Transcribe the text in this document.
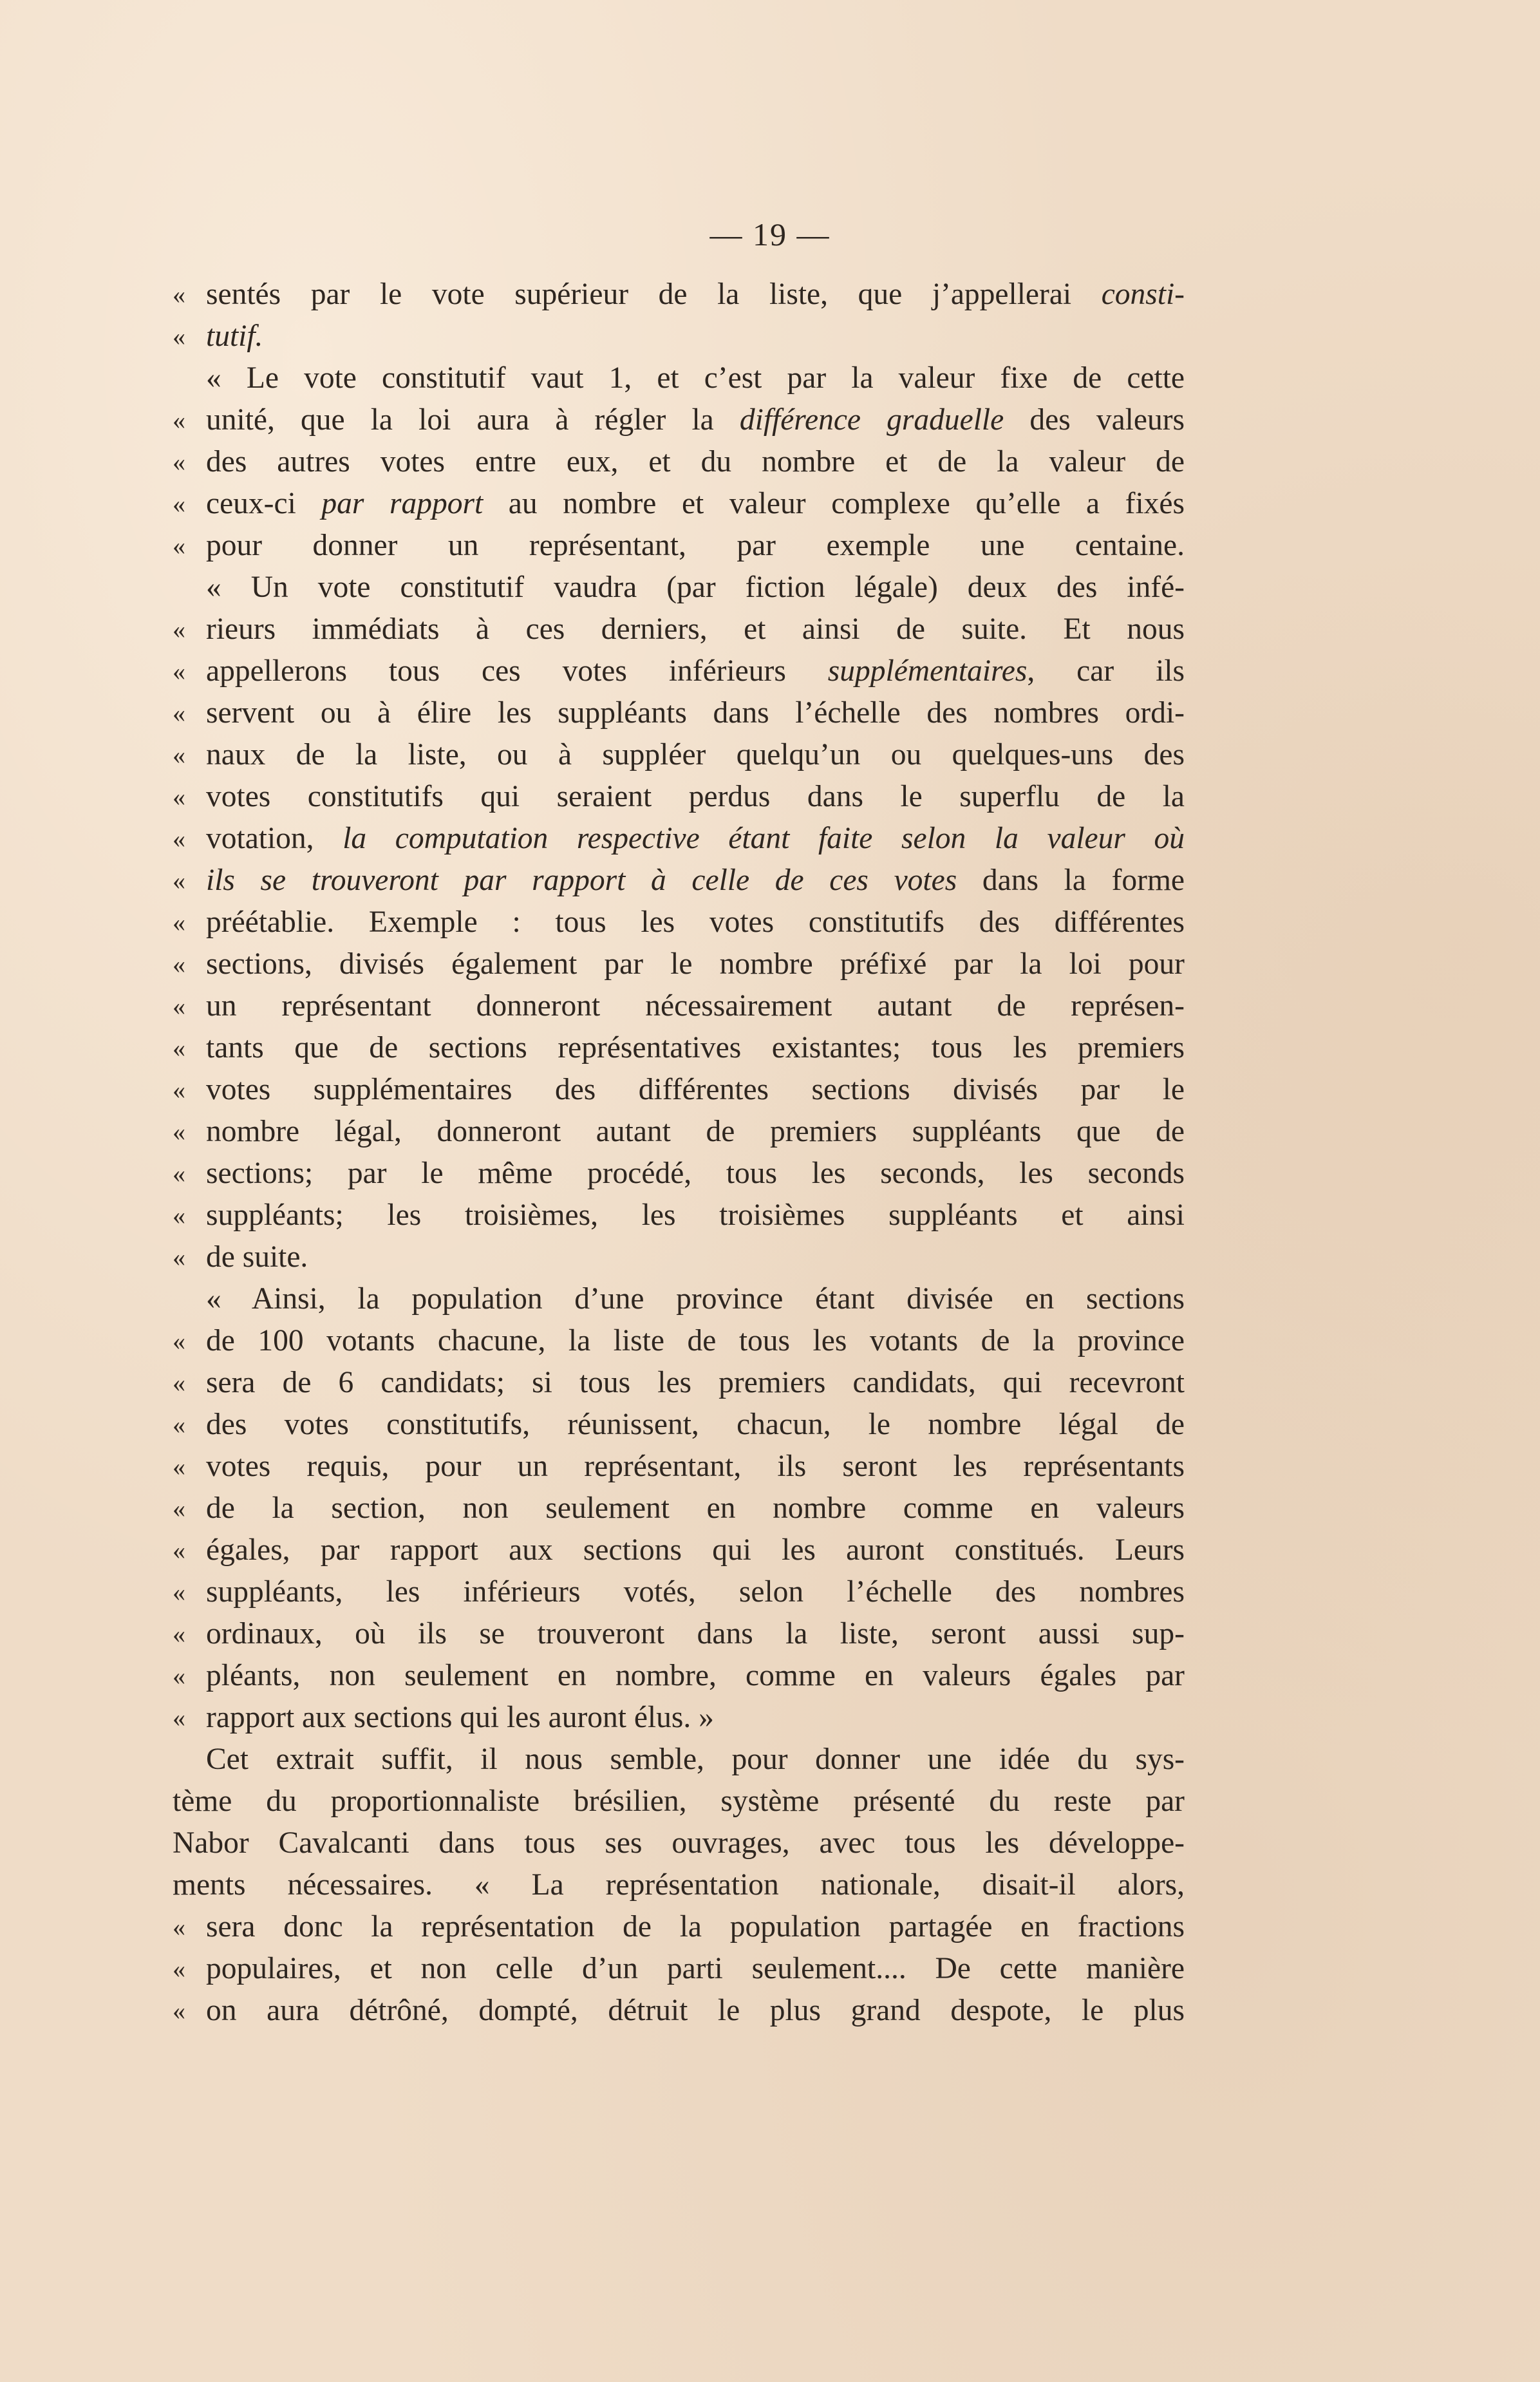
— 19 —
« sentés par le vote supérieur de la liste, que j’appellerai consti-
« tutif.
« Le vote constitutif vaut 1, et c’est par la valeur fixe de cette
« unité, que la loi aura à régler la différence graduelle des valeurs
« des autres votes entre eux, et du nombre et de la valeur de
« ceux-ci par rapport au nombre et valeur complexe qu’elle a fixés
« pour donner un représentant, par exemple une centaine.
« Un vote constitutif vaudra (par fiction légale) deux des infé-
« rieurs immédiats à ces derniers, et ainsi de suite. Et nous
« appellerons tous ces votes inférieurs supplémentaires, car ils
« servent ou à élire les suppléants dans l’échelle des nombres ordi-
« naux de la liste, ou à suppléer quelqu’un ou quelques-uns des
« votes constitutifs qui seraient perdus dans le superflu de la
« votation, la computation respective étant faite selon la valeur où
« ils se trouveront par rapport à celle de ces votes dans la forme
« préétablie. Exemple : tous les votes constitutifs des différentes
« sections, divisés également par le nombre préfixé par la loi pour
« un représentant donneront nécessairement autant de représen-
« tants que de sections représentatives existantes; tous les premiers
« votes supplémentaires des différentes sections divisés par le
« nombre légal, donneront autant de premiers suppléants que de
« sections; par le même procédé, tous les seconds, les seconds
« suppléants; les troisièmes, les troisièmes suppléants et ainsi
« de suite.
« Ainsi, la population d’une province étant divisée en sections
« de 100 votants chacune, la liste de tous les votants de la province
« sera de 6 candidats; si tous les premiers candidats, qui recevront
« des votes constitutifs, réunissent, chacun, le nombre légal de
« votes requis, pour un représentant, ils seront les représentants
« de la section, non seulement en nombre comme en valeurs
« égales, par rapport aux sections qui les auront constitués. Leurs
« suppléants, les inférieurs votés, selon l’échelle des nombres
« ordinaux, où ils se trouveront dans la liste, seront aussi sup-
« pléants, non seulement en nombre, comme en valeurs égales par
« rapport aux sections qui les auront élus. »
Cet extrait suffit, il nous semble, pour donner une idée du sys-
tème du proportionnaliste brésilien, système présenté du reste par
Nabor Cavalcanti dans tous ses ouvrages, avec tous les développe-
ments nécessaires. « La représentation nationale, disait-il alors,
« sera donc la représentation de la population partagée en fractions
« populaires, et non celle d’un parti seulement.... De cette manière
« on aura détrôné, dompté, détruit le plus grand despote, le plus
